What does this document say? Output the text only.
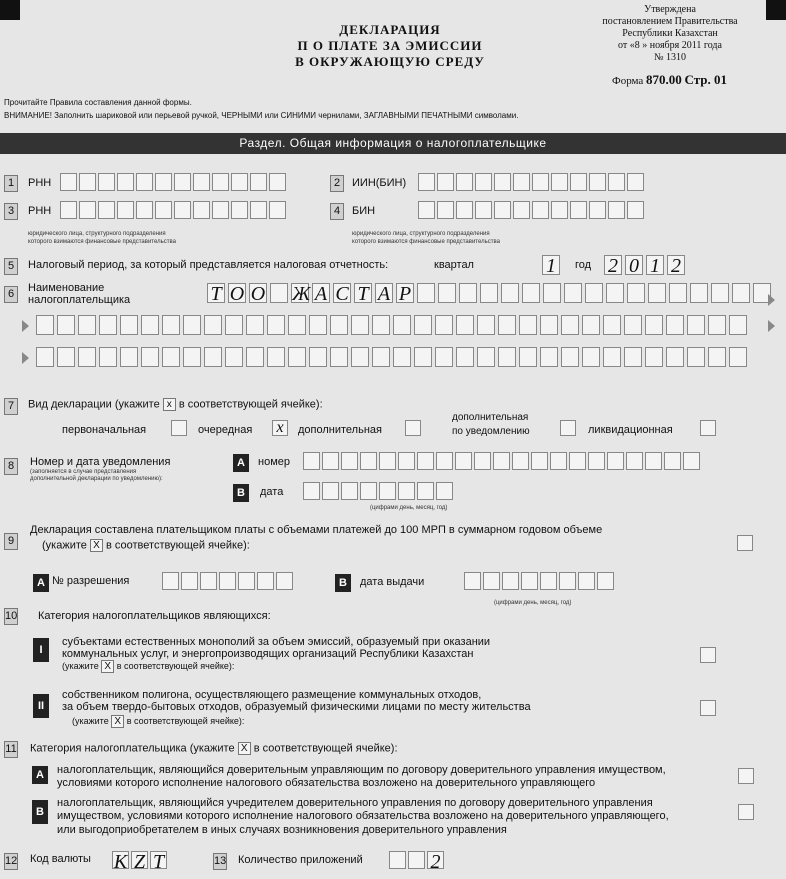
ДЕКЛАРАЦИЯ
П О ПЛАТЕ ЗА ЭМИССИИ
В ОКРУЖАЮЩУЮ СРЕДУ
Утверждена
постановлением Правительства
Республики Казахстан
от «8 » ноября 2011 года
№ 1310
Форма 870.00 Стр. 01
Прочитайте Правила составления данной формы.
ВНИМАНИЕ! Заполнить шариковой или перьевой ручкой, ЧЕРНЫМИ или СИНИМИ чернилами, ЗАГЛАВНЫМИ ПЕЧАТНЫМИ символами.
Раздел. Общая информация о налогоплательщике
1	РНН	2	ИИН(БИН)
3	РНН	4	БИН
юридического лица, структурного подразделения
которого взимаются финансовые представительства
юридического лица, структурного подразделения
которого взимаются финансовые представительства
5	Налоговый период, за который представляется налоговая отчетность:	квартал	1	год 2 0 1 2
6	Наименование
налогоплательщика	Т О О Ж А С Т А Р
7	Вид декларации (укажите x в соответствующей ячейке):
первоначальная	очередная x	дополнительная
дополнительная
по уведомлению	ликвидационная
8	Номер и дата уведомления
(заполняется в случае представления
дополнительной декларации по уведомлению):
A	номер
B	дата
(цифрами день, месяц, год)
9
Декларация составлена плательщиком платы с объемами платежей до 100 МРП в суммарном годовом объеме
(укажите X в соответствующей ячейке):
A № разрешения	B	дата выдачи
(цифрами день, месяц, год)
10 Категория налогоплательщиков являющихся:
I
субъектами естественных монополий за объем эмиссий, образуемый при оказании
коммунальных услуг, и энергопроизводящих организаций Республики Казахстан
(укажите X в соответствующей ячейке):
II
собственником полигона, осуществляющего размещение коммунальных отходов,
за объем твердо-бытовых отходов, образуемый физическими лицами по месту жительства
(укажите X в соответствующей ячейке):
11 Категория налогоплательщика (укажите X в соответствующей ячейке):
A	налогоплательщик, являющийся доверительным управляющим по договору доверительного управления имуществом,
условиями которого исполнение налогового обязательства возложено на доверительного управляющего
B
налогоплательщик, являющийся учредителем доверительного управления по договору доверительного управления
имуществом, условиями которого исполнение налогового обязательства возложено на доверительного управляющего,
или выгодоприобретателем в иных случаях возникновения доверительного управления
12 Код валюты K Z T	13 Количество приложений	2
